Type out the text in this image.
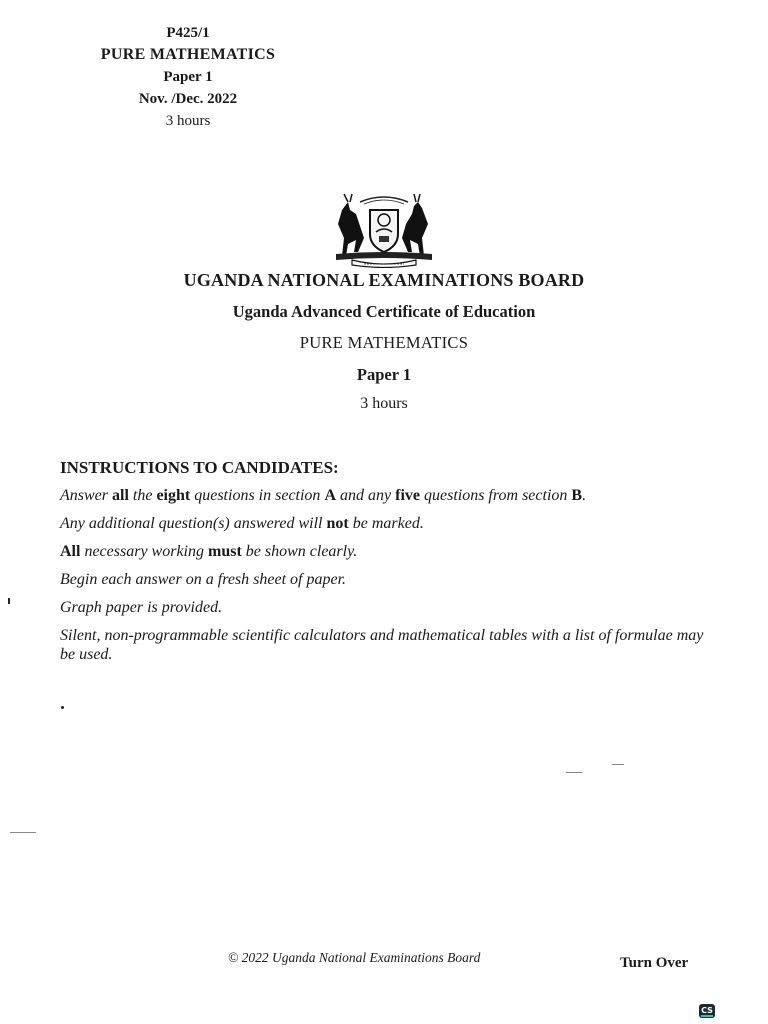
P425/1
PURE MATHEMATICS
Paper 1
Nov. /Dec. 2022
3 hours
UGANDA NATIONAL EXAMINATIONS BOARD
Uganda Advanced Certificate of Education
PURE MATHEMATICS
Paper 1
3 hours
INSTRUCTIONS TO CANDIDATES:
Answer all the eight questions in section A and any five questions from section B.
Any additional question(s) answered will not be marked.
All necessary working must be shown clearly.
Begin each answer on a fresh sheet of paper.
Graph paper is provided.
Silent, non-programmable scientific calculators and mathematical tables with a list of formulae may be used.
© 2022 Uganda National Examinations Board	Turn Over
CS
